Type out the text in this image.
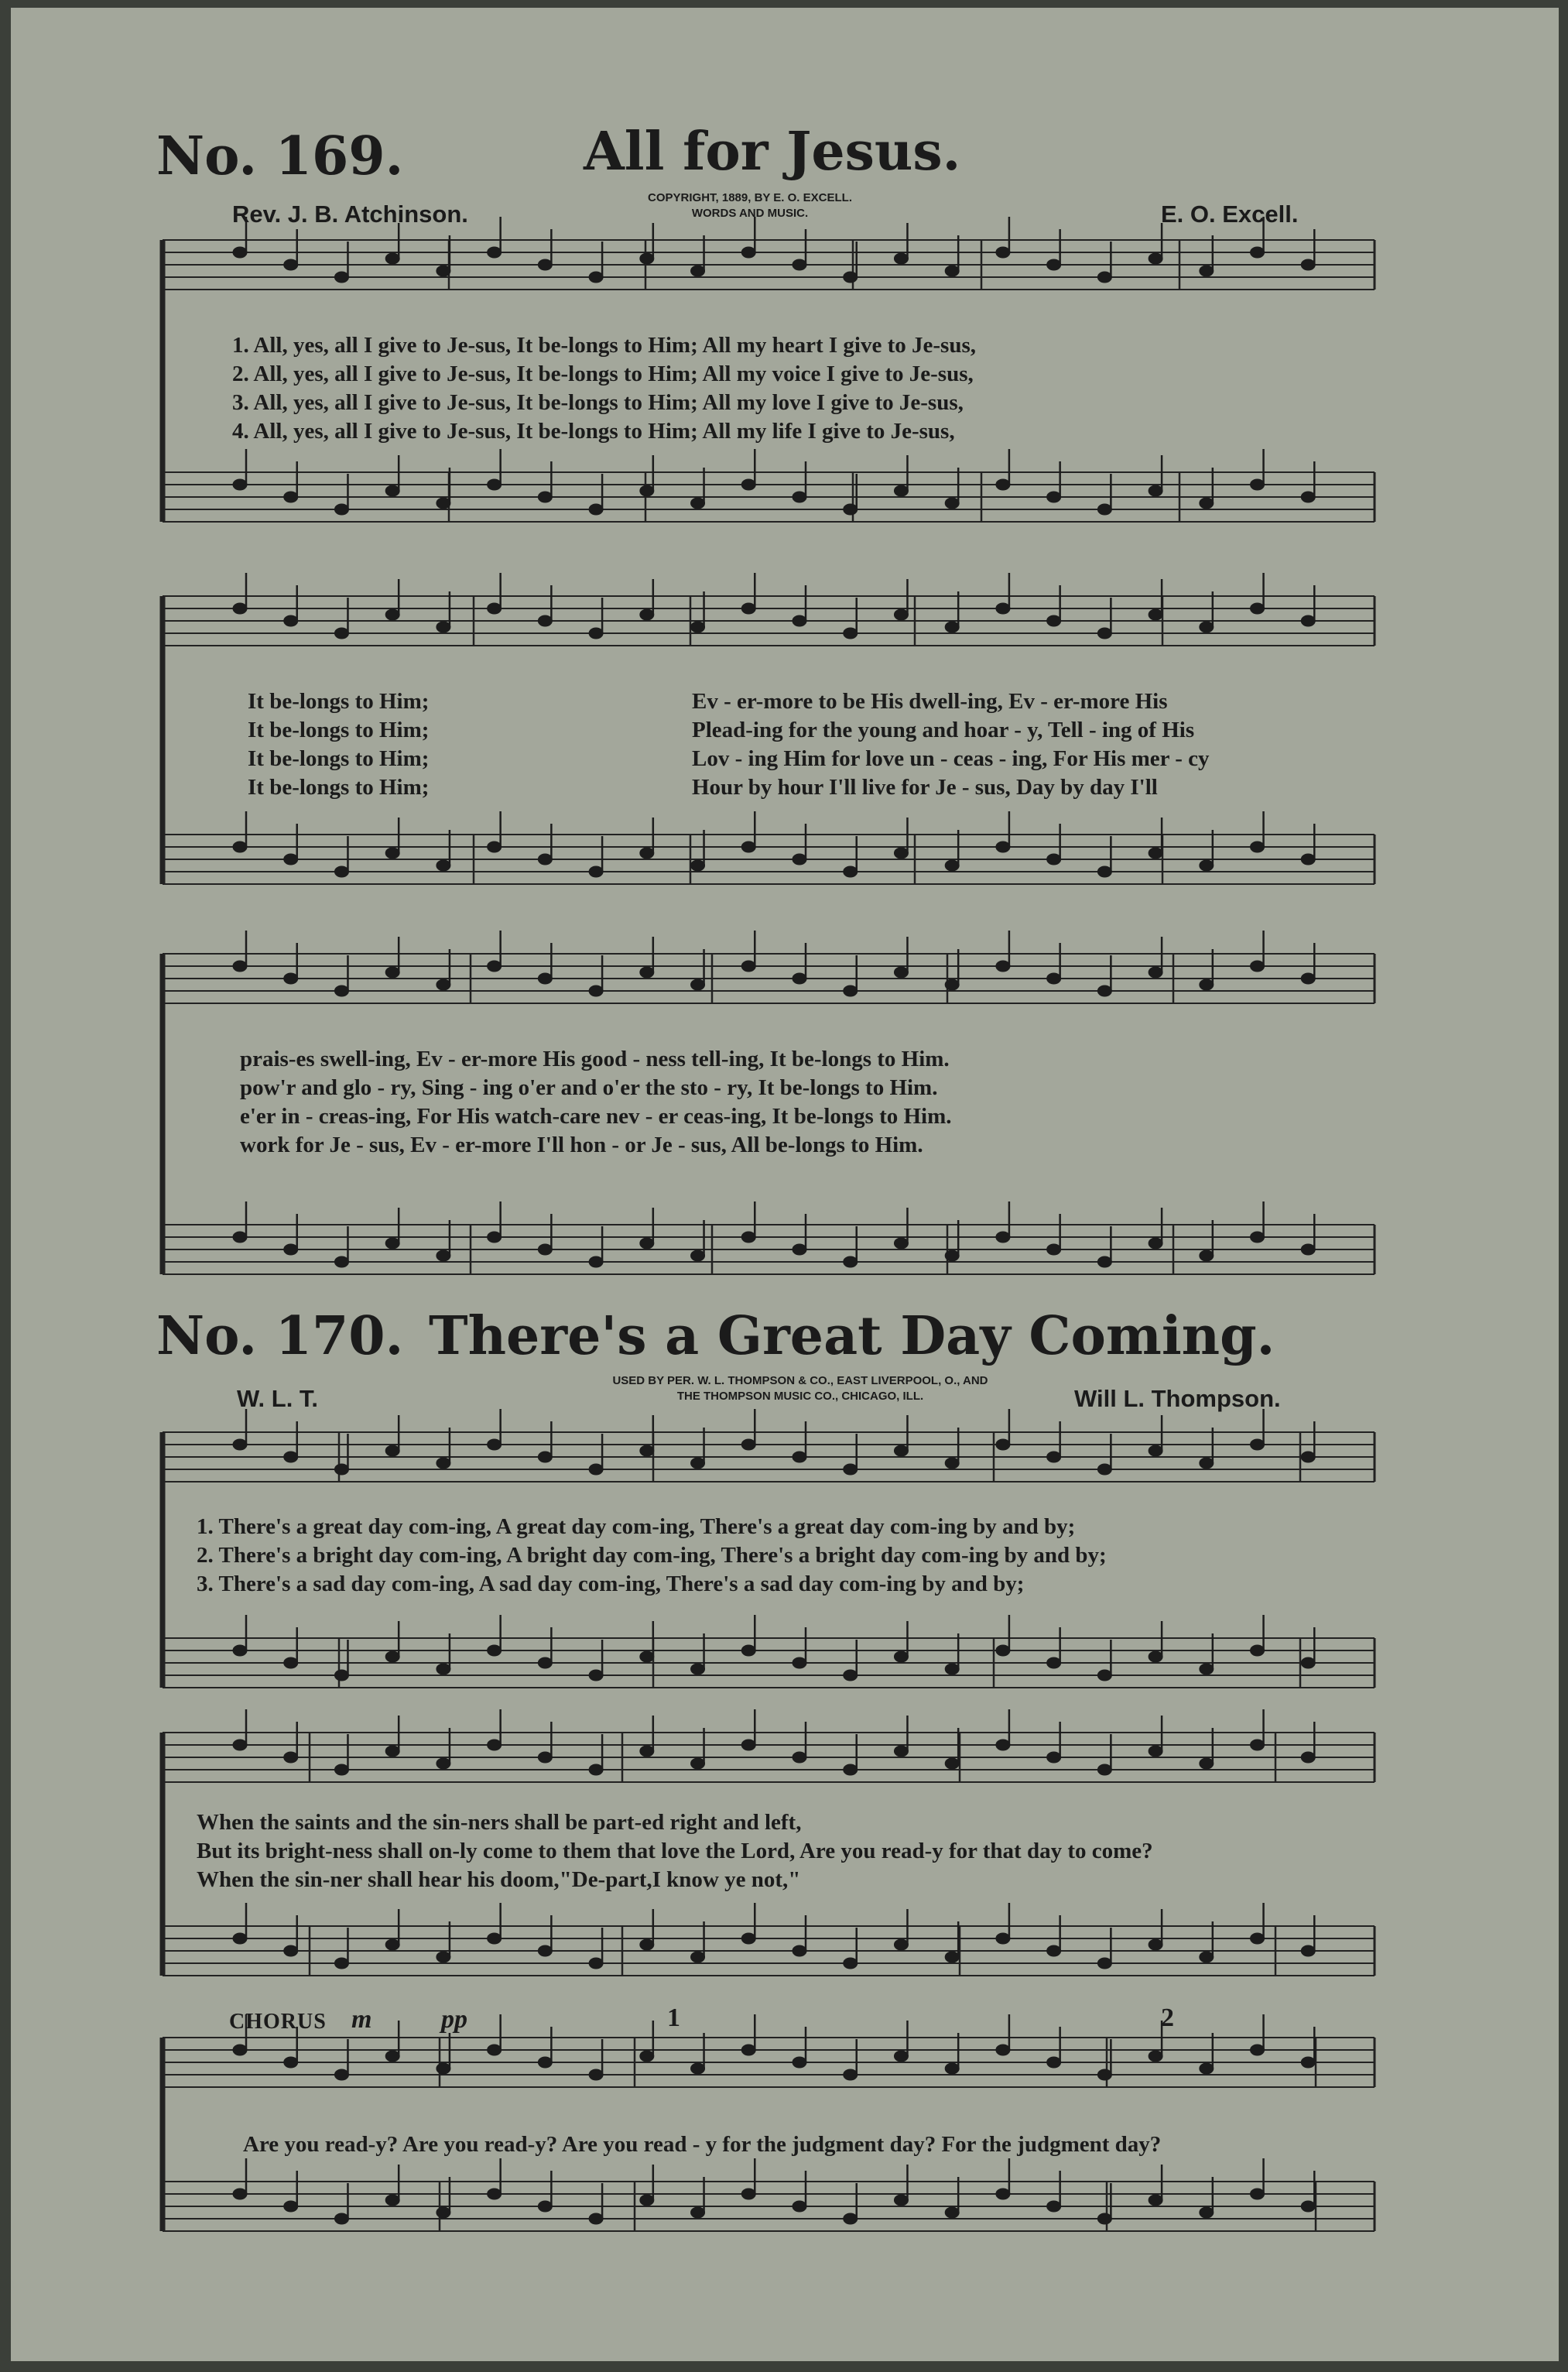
No. 169.	All for Jesus.
Rev. J. B. Atchinson.
COPYRIGHT, 1889, BY E. O. EXCELL.
WORDS AND MUSIC.	E. O. Excell.
1. All, yes, all I give to Je-sus, It be-longs to Him; All my heart I give to Je-sus,
2. All, yes, all I give to Je-sus, It be-longs to Him; All my voice I give to Je-sus,
3. All, yes, all I give to Je-sus, It be-longs to Him; All my love I give to Je-sus,
4. All, yes, all I give to Je-sus, It be-longs to Him; All my life I give to Je-sus,
It be-longs to Him;
It be-longs to Him;
It be-longs to Him;
It be-longs to Him;
Ev - er-more to be His dwell-ing, Ev - er-more His
Plead-ing for the young and hoar - y, Tell - ing of His
Lov - ing Him for love un - ceas - ing, For His mer - cy
Hour by hour I'll live for Je - sus, Day by day I'll
prais-es swell-ing, Ev - er-more His good - ness tell-ing, It be-longs to Him.
pow'r and glo - ry, Sing - ing o'er and o'er the sto - ry, It be-longs to Him.
e'er in - creas-ing, For His watch-care nev - er ceas-ing, It be-longs to Him.
work for Je - sus, Ev - er-more I'll hon - or Je - sus, All be-longs to Him.
No. 170. There's a Great Day Coming.
W. L. T.
USED BY PER. W. L. THOMPSON & CO., EAST LIVERPOOL, O., AND
THE THOMPSON MUSIC CO., CHICAGO, ILL.	Will L. Thompson.
1. There's a great day com-ing, A great day com-ing, There's a great day com-ing by and by;
2. There's a bright day com-ing, A bright day com-ing, There's a bright day com-ing by and by;
3. There's a sad day com-ing, A sad day com-ing, There's a sad day com-ing by and by;
When the saints and the sin-ners shall be part-ed right and left,
But its bright-ness shall on-ly come to them that love the Lord, Are you read-y for that day to come?
When the sin-ner shall hear his doom,"De-part,I know ye not,"
CHORUS m	pp	1	2
Are you read-y? Are you read-y? Are you read - y for the judgment day? For the judgment day?
